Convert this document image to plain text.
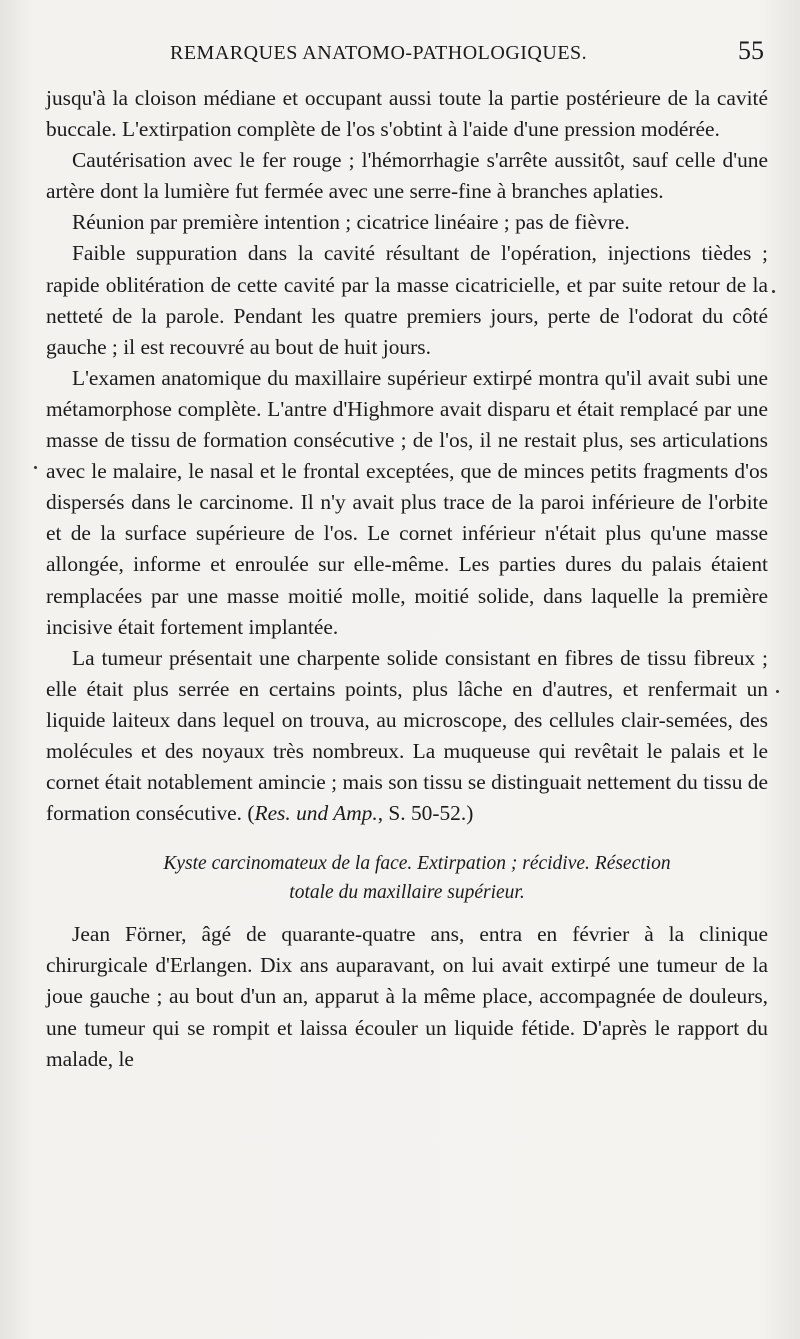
REMARQUES ANATOMO-PATHOLOGIQUES.	55

jusqu'à la cloison médiane et occupant aussi toute la partie postérieure de la cavité buccale. L'extirpation complète de l'os s'obtint à l'aide d'une pression modérée.

Cautérisation avec le fer rouge ; l'hémorrhagie s'arrête aussitôt, sauf celle d'une artère dont la lumière fut fermée avec une serre-fine à branches aplaties.

Réunion par première intention ; cicatrice linéaire ; pas de fièvre.

Faible suppuration dans la cavité résultant de l'opération, injections tièdes ; rapide oblitération de cette cavité par la masse cicatricielle, et par suite retour de la netteté de la parole. Pendant les quatre premiers jours, perte de l'odorat du côté gauche ; il est recouvré au bout de huit jours.

L'examen anatomique du maxillaire supérieur extirpé montra qu'il avait subi une métamorphose complète. L'antre d'Highmore avait disparu et était remplacé par une masse de tissu de formation consécutive ; de l'os, il ne restait plus, ses articulations avec le malaire, le nasal et le frontal exceptées, que de minces petits fragments d'os dispersés dans le carcinome. Il n'y avait plus trace de la paroi inférieure de l'orbite et de la surface supérieure de l'os. Le cornet inférieur n'était plus qu'une masse allongée, informe et enroulée sur elle-même. Les parties dures du palais étaient remplacées par une masse moitié molle, moitié solide, dans laquelle la première incisive était fortement implantée.

La tumeur présentait une charpente solide consistant en fibres de tissu fibreux ; elle était plus serrée en certains points, plus lâche en d'autres, et renfermait un liquide laiteux dans lequel on trouva, au microscope, des cellules clair-semées, des molécules et des noyaux très nombreux. La muqueuse qui revêtait le palais et le cornet était notablement amincie ; mais son tissu se distinguait nettement du tissu de formation consécutive. (Res. und Amp., S. 50-52.)

Kyste carcinomateux de la face. Extirpation ; récidive. Résection
totale du maxillaire supérieur.

Jean Förner, âgé de quarante-quatre ans, entra en février à la clinique chirurgicale d'Erlangen. Dix ans auparavant, on lui avait extirpé une tumeur de la joue gauche ; au bout d'un an, apparut à la même place, accompagnée de douleurs, une tumeur qui se rompit et laissa écouler un liquide fétide. D'après le rapport du malade, le
